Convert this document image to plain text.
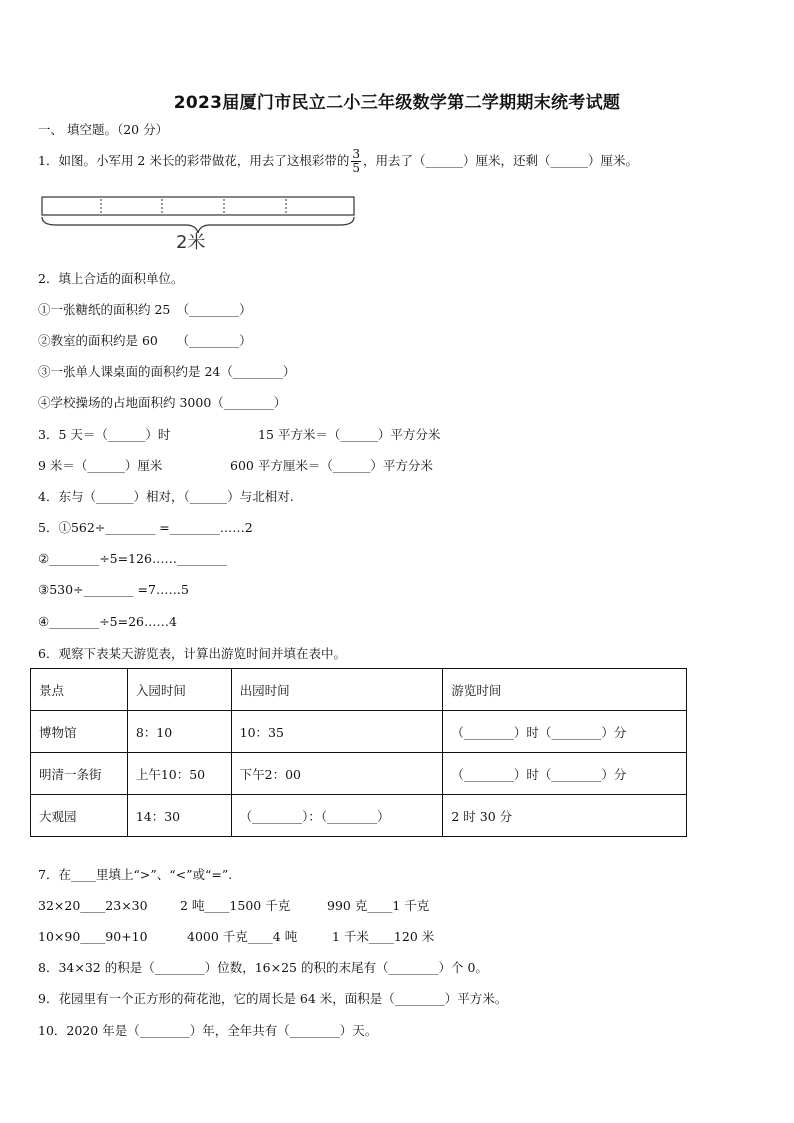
2023届厦门市民立二小三年级数学第二学期期末统考试题
一、 填空题。（20 分）
1．如图。小军用 2 米长的彩带做花，用去了这根彩带的 $\frac{3}{5}$ ，用去了（______）厘米，还剩（______）厘米。
2米
2．填上合适的面积单位。
①一张糖纸的面积约 25　（________）
②教室的面积约是 60　　（________）
③一张单人课桌面的面积约是 24（________）
④学校操场的占地面积约 3000（________）
3．5 天＝（______）时	15 平方米＝（______）平方分米
9 米＝（______）厘米	600 平方厘米＝（______）平方分米
4．东与（______）相对，（______）与北相对.
5．①562÷________ =________……2
②________÷5=126……________
③530÷________ =7……5
④________÷5=26……4
6．观察下表某天游览表，计算出游览时间并填在表中。
景点	入园时间	出园时间	游览时间
博物馆	8：10	10：35	（________）时（________）分
明清一条街	上午10：50	下午2：00	（________）时（________）分
大观园	14：30	（________）：（________）	2 时 30 分
7．在____里填上“>”、“<”或“=”.
32×20____23×30	2 吨____1500 千克	990 克____1 千克
10×90____90+10	4000 千克____4 吨	1 千米____120 米
8．34×32 的积是（________）位数，16×25 的积的末尾有（________）个 0。
9．花园里有一个正方形的荷花池，它的周长是 64 米，面积是（________）平方米。
10．2020 年是（________）年，全年共有（________）天。
